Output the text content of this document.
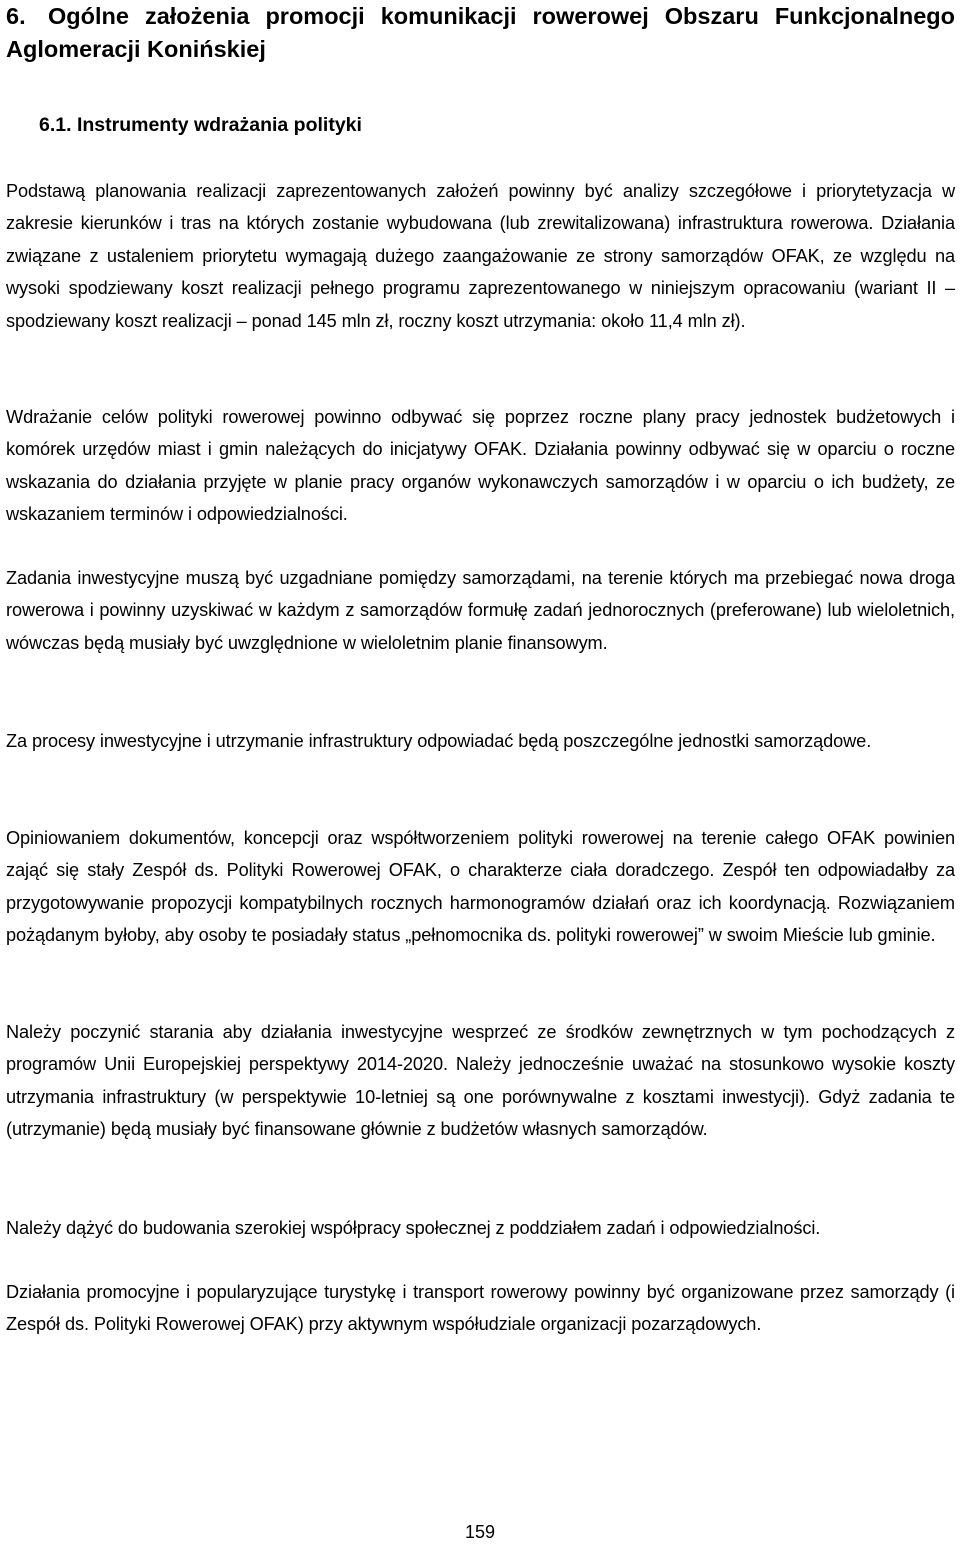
6. Ogólne założenia promocji komunikacji rowerowej Obszaru Funkcjonalnego Aglomeracji Konińskiej
6.1. Instrumenty wdrażania polityki

Podstawą planowania realizacji zaprezentowanych założeń powinny być analizy szczegółowe i priorytetyzacja w zakresie kierunków i tras na których zostanie wybudowana (lub zrewitalizowana) infrastruktura rowerowa. Działania związane z ustaleniem priorytetu wymagają dużego zaangażowanie ze strony samorządów OFAK, ze względu na wysoki spodziewany koszt realizacji pełnego programu zaprezentowanego w niniejszym opracowaniu (wariant II – spodziewany koszt realizacji – ponad 145 mln zł, roczny koszt utrzymania: około 11,4 mln zł).

Wdrażanie celów polityki rowerowej powinno odbywać się poprzez roczne plany pracy jednostek budżetowych i komórek urzędów miast i gmin należących do inicjatywy OFAK. Działania powinny odbywać się w oparciu o roczne wskazania do działania przyjęte w planie pracy organów wykonawczych samorządów i w oparciu o ich budżety, ze wskazaniem terminów i odpowiedzialności.

Zadania inwestycyjne muszą być uzgadniane pomiędzy samorządami, na terenie których ma przebiegać nowa droga rowerowa i powinny uzyskiwać w każdym z samorządów formułę zadań jednorocznych (preferowane) lub wieloletnich, wówczas będą musiały być uwzględnione w wieloletnim planie finansowym.

Za procesy inwestycyjne i utrzymanie infrastruktury odpowiadać będą poszczególne jednostki samorządowe.

Opiniowaniem dokumentów, koncepcji oraz współtworzeniem polityki rowerowej na terenie całego OFAK powinien zająć się stały Zespół ds. Polityki Rowerowej OFAK, o charakterze ciała doradczego. Zespół ten odpowiadałby za przygotowywanie propozycji kompatybilnych rocznych harmonogramów działań oraz ich koordynacją. Rozwiązaniem pożądanym byłoby, aby osoby te posiadały status „pełnomocnika ds. polityki rowerowej” w swoim Mieście lub gminie.

Należy poczynić starania aby działania inwestycyjne wesprzeć ze środków zewnętrznych w tym pochodzących z programów Unii Europejskiej perspektywy 2014-2020. Należy jednocześnie uważać na stosunkowo wysokie koszty utrzymania infrastruktury (w perspektywie 10-letniej są one porównywalne z kosztami inwestycji). Gdyż zadania te (utrzymanie) będą musiały być finansowane głównie z budżetów własnych samorządów.

Należy dążyć do budowania szerokiej współpracy społecznej z poddziałem zadań i odpowiedzialności.

Działania promocyjne i popularyzujące turystykę i transport rowerowy powinny być organizowane przez samorządy (i Zespół ds. Polityki Rowerowej OFAK) przy aktywnym współudziale organizacji pozarządowych.

159
